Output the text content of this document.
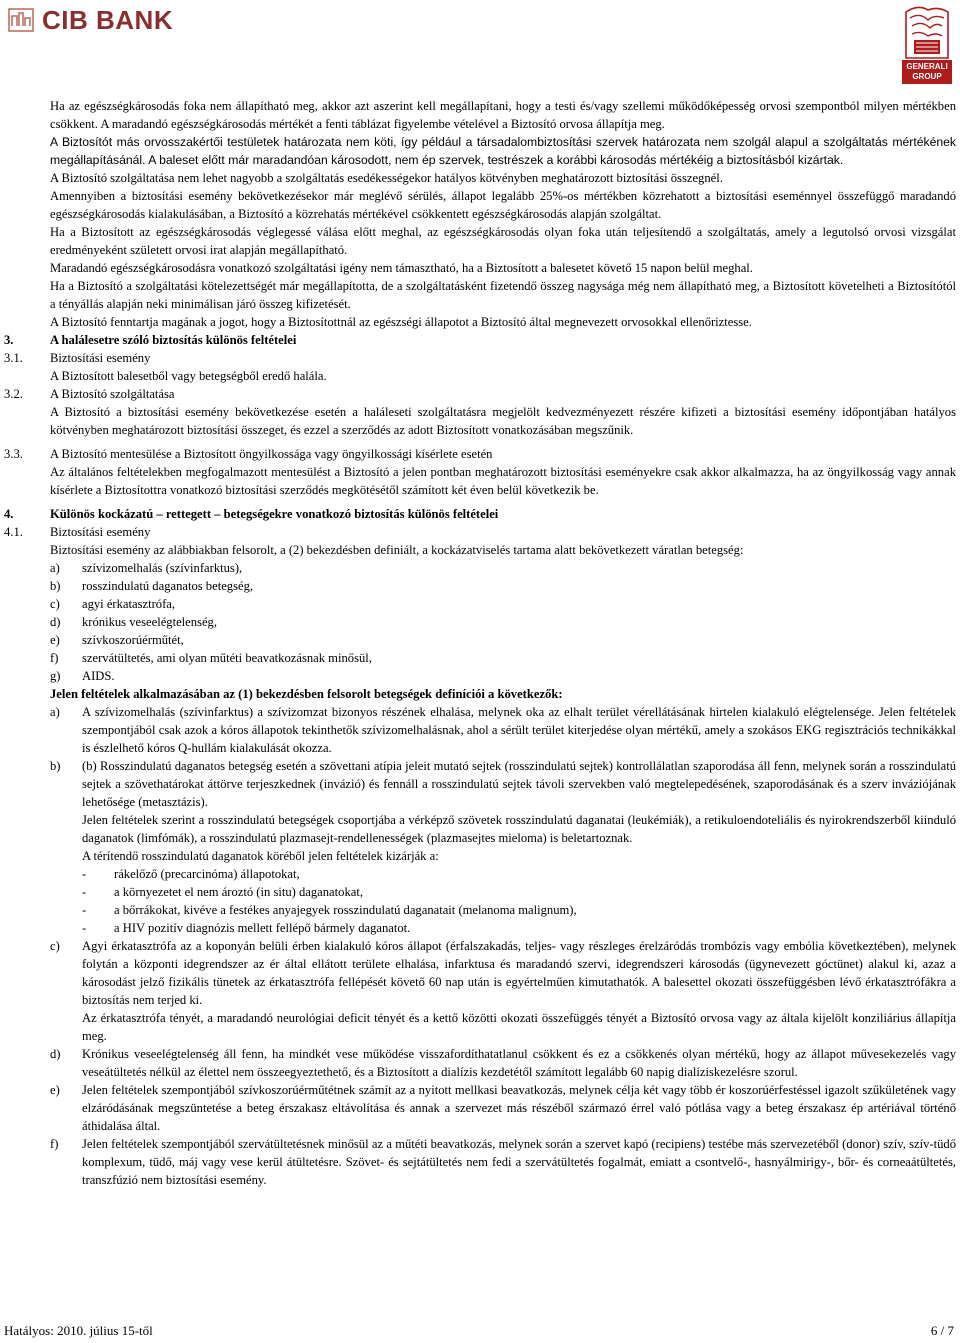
CIB BANK
GENERALI
GROUP
Ha az egészségkárosodás foka nem állapítható meg, akkor azt aszerint kell megállapítani, hogy a testi és/vagy szellemi működőképesség orvosi szempontból milyen mértékben csökkent. A maradandó egészségkárosodás mértékét a fenti táblázat figyelembe vételével a Biztosító orvosa állapítja meg.
A Biztosítót más orvosszakértői testületek határozata nem köti, így például a társadalombiztosítási szervek határozata nem szolgál alapul a szolgáltatás mértékének megállapításánál. A baleset előtt már maradandóan károsodott, nem ép szervek, testrészek a korábbi károsodás mértékéig a biztosításból kizártak.
A Biztosító szolgáltatása nem lehet nagyobb a szolgáltatás esedékességekor hatályos kötvényben meghatározott biztosítási összegnél.
Amennyiben a biztosítási esemény bekövetkezésekor már meglévő sérülés, állapot legalább 25%-os mértékben közrehatott a biztosítási eseménnyel összefüggő maradandó egészségkárosodás kialakulásában, a Biztosító a közrehatás mértékével csökkentett egészségkárosodás alapján szolgáltat.
Ha a Biztosított az egészségkárosodás véglegessé válása előtt meghal, az egészségkárosodás olyan foka után teljesítendő a szolgáltatás, amely a legutolsó orvosi vizsgálat eredményeként született orvosi irat alapján megállapítható.
Maradandó egészségkárosodásra vonatkozó szolgáltatási igény nem támasztható, ha a Biztosított a balesetet követő 15 napon belül meghal.
Ha a Biztosító a szolgáltatási kötelezettségét már megállapította, de a szolgáltatásként fizetendő összeg nagysága még nem állapítható meg, a Biztosított követelheti a Biztosítótól a tényállás alapján neki minimálisan járó összeg kifizetését.
A Biztosító fenntartja magának a jogot, hogy a Biztosítottnál az egészségi állapotot a Biztosító által megnevezett orvosokkal ellenőriztesse.
3.	A halálesetre szóló biztosítás különös feltételei
3.1.	Biztosítási esemény
A Biztosított balesetből vagy betegségből eredő halála.
3.2.	A Biztosító szolgáltatása
A Biztosító a biztosítási esemény bekövetkezése esetén a haláleseti szolgáltatásra megjelölt kedvezményezett részére kifizeti a biztosítási esemény időpontjában hatályos kötvényben meghatározott biztosítási összeget, és ezzel a szerződés az adott Biztosított vonatkozásában megszűnik.
3.3.	A Biztosító mentesülése a Biztosított öngyilkossága vagy öngyilkossági kísérlete esetén
Az általános feltételekben megfogalmazott mentesülést a Biztosító a jelen pontban meghatározott biztosítási eseményekre csak akkor alkalmazza, ha az öngyilkosság vagy annak kísérlete a Biztosítottra vonatkozó biztosítási szerződés megkötésétől számított két éven belül következik be.
4.	Különös kockázatú – rettegett – betegségekre vonatkozó biztosítás különös feltételei
4.1.	Biztosítási esemény
Biztosítási esemény az alábbiakban felsorolt, a (2) bekezdésben definiált, a kockázatviselés tartama alatt bekövetkezett váratlan betegség:
a)	szívizomelhalás (szívinfarktus),
b)	rosszindulatú daganatos betegség,
c)	agyi érkatasztrófa,
d)	krónikus veseelégtelenség,
e)	szívkoszorúérműtét,
f)	szervátültetés, ami olyan műtéti beavatkozásnak minősül,
g)	AIDS.
Jelen feltételek alkalmazásában az (1) bekezdésben felsorolt betegségek definíciói a következők:
a)	A szívizomelhalás (szívinfarktus) a szívizomzat bizonyos részének elhalása, melynek oka az elhalt terület vérellátásának hirtelen kialakuló elégtelensége. Jelen feltételek szempontjából csak azok a kóros állapotok tekinthetők szívizomelhalásnak, ahol a sérült terület kiterjedése olyan mértékű, amely a szokásos EKG regisztrációs technikákkal is észlelhető kóros Q-hullám kialakulását okozza.
b)	(b) Rosszindulatú daganatos betegség esetén a szövettani atípia jeleit mutató sejtek (rosszindulatú sejtek) kontrollálatlan szaporodása áll fenn, melynek során a rosszindulatú sejtek a szövethatárokat áttörve terjeszkednek (invázió) és fennáll a rosszindulatú sejtek távoli szervekben való megtelepedésének, szaporodásának és a szerv inváziójának lehetősége (metasztázis).
Jelen feltételek szerint a rosszindulatú betegségek csoportjába a vérképző szövetek rosszindulatú daganatai (leukémiák), a retikuloendoteliális és nyirokrendszerből kiinduló daganatok (limfómák), a rosszindulatú plazmasejt-rendellenességek (plazmasejtes mieloma) is beletartoznak.
A térítendő rosszindulatú daganatok köréből jelen feltételek kizárják a:
-	rákelőző (precarcinóma) állapotokat,
-	a környezetet el nem ároztó (in situ) daganatokat,
-	a bőrrákokat, kivéve a festékes anyajegyek rosszindulatú daganatait (melanoma malignum),
-	a HIV pozitív diagnózis mellett fellépő bármely daganatot.
c)	Agyi érkatasztrófa az a koponyán belüli érben kialakuló kóros állapot (érfalszakadás, teljes- vagy részleges érelzáródás trombózis vagy embólia következtében), melynek folytán a központi idegrendszer az ér által ellátott területe elhalása, infarktusa és maradandó szervi, idegrendszeri károsodás (ügynevezett góctünet) alakul ki, azaz a károsodást jelző fizikális tünetek az érkatasztrófa fellépését követő 60 nap után is egyértelműen kimutathatók. A balesettel okozati összefüggésben lévő érkatasztrófákra a biztosítás nem terjed ki.
Az érkatasztrófa tényét, a maradandó neurológiai deficit tényét és a kettő közötti okozati összefüggés tényét a Biztosító orvosa vagy az általa kijelölt konziliárius állapítja meg.
d)	Krónikus veseelégtelenség áll fenn, ha mindkét vese működése visszafordíthatatlanul csökkent és ez a csökkenés olyan mértékű, hogy az állapot művesekezelés vagy veseátültetés nélkül az élettel nem összeegyeztethető, és a Biztosított a dialízis kezdetétől számított legalább 60 napig dialíziskezelésre szorul.
e)	Jelen feltételek szempontjából szívkoszorúérműtétnek számít az a nyitott mellkasi beavatkozás, melynek célja két vagy több ér koszorúérfestéssel igazolt szűkületének vagy elzáródásának megszüntetése a beteg érszakasz eltávolítása és annak a szervezet más részéből származó érrel való pótlása vagy a beteg érszakasz ép artériával történő áthidalása által.
f)	Jelen feltételek szempontjából szervátültetésnek minősül az a műtéti beavatkozás, melynek során a szervet kapó (recipiens) testébe más szervezetéből (donor) szív, szív-tüdő komplexum, tüdő, máj vagy vese kerül átültetésre. Szövet- és sejtátültetés nem fedi a szervátültetés fogalmát, emiatt a csontvelő-, hasnyálmirigy-, bőr- és corneaátültetés, transzfúzió nem biztosítási esemény.
Hatályos: 2010. július 15-től	6 / 7
